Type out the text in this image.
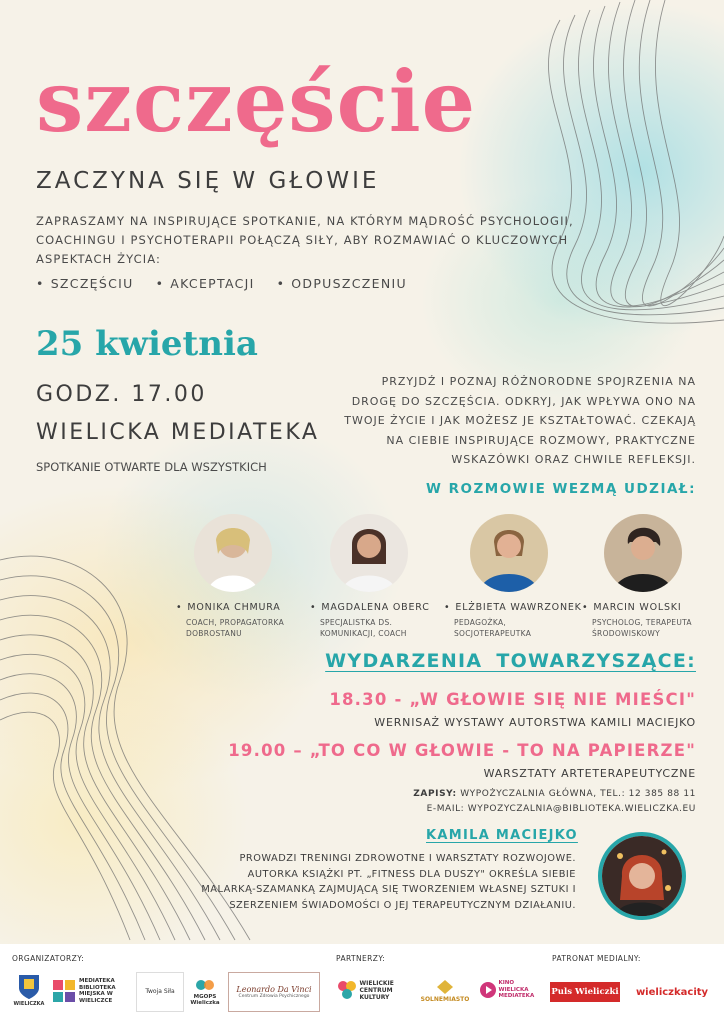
szczęście
ZACZYNA SIĘ W GŁOWIE
ZAPRASZAMY NA INSPIRUJĄCE SPOTKANIE, NA KTÓRYM MĄDROŚĆ PSYCHOLOGII, COACHINGU I PSYCHOTERAPII POŁĄCZĄ SIŁY, ABY ROZMAWIAĆ O KLUCZOWYCH ASPEKTACH ŻYCIA:
• SZCZĘŚCIU	• AKCEPTACJI	• ODPUSZCZENIU
25 kwietnia
GODZ. 17.00
WIELICKA MEDIATEKA
SPOTKANIE OTWARTE DLA WSZYSTKICH
PRZYJDŹ I POZNAJ RÓŻNORODNE SPOJRZENIA NA DROGĘ DO SZCZĘŚCIA. ODKRYJ, JAK WPŁYWA ONO NA TWOJE ŻYCIE I JAK MOŻESZ JE KSZTAŁTOWAĆ. CZEKAJĄ NA CIEBIE INSPIRUJĄCE ROZMOWY, PRAKTYCZNE WSKAZÓWKI ORAZ CHWILE REFLEKSJI.
W ROZMOWIE WEZMĄ UDZIAŁ:
• MONIKA CHMURA
COACH, PROPAGATORKA DOBROSTANU
• MAGDALENA OBERC
SPECJALISTKA DS. KOMUNIKACJI, COACH
• ELŻBIETA WAWRZONEK
PEDAGOŻKA, SOCJOTERAPEUTKA
• MARCIN WOLSKI
PSYCHOLOG, TERAPEUTA ŚRODOWISKOWY
WYDARZENIA TOWARZYSZĄCE:
18.30 - „W GŁOWIE SIĘ NIE MIEŚCI"
WERNISAŻ WYSTAWY AUTORSTWA KAMILI MACIEJKO
19.00 – „TO CO W GŁOWIE - TO NA PAPIERZE"
WARSZTATY ARTETERAPEUTYCZNE
ZAPISY: WYPOŻYCZALNIA GŁÓWNA, TEL.: 12 385 88 11
E-MAIL: WYPOZYCZALNIA@BIBLIOTEKA.WIELICZKA.EU
KAMILA MACIEJKO
PROWADZI TRENINGI ZDROWOTNE I WARSZTATY ROZWOJOWE. AUTORKA KSIĄŻKI PT. „FITNESS DLA DUSZY" OKREŚLA SIEBIE MALARKĄ-SZAMANKĄ ZAJMUJĄCĄ SIĘ TWORZENIEM WŁASNEJ SZTUKI I SZERZENIEM ŚWIADOMOŚCI O JEJ TERAPEUTYCZNYM DZIAŁANIU.
ORGANIZATORZY:	PARTNERZY:	PATRONAT MEDIALNY:
WIELICZKA
MEDIATEKA BIBLIOTEKA MIEJSKA W WIELICZCE
Twoja Siła
MGOPS Wieliczka
Leonardo Da Vinci
Centrum Zdrowia Psychicznego
WIELICKIE CENTRUM KULTURY	SOLNEMIASTO
KINO WIELICKA MEDIATEKA Puls Wieliczki wieliczkacity
